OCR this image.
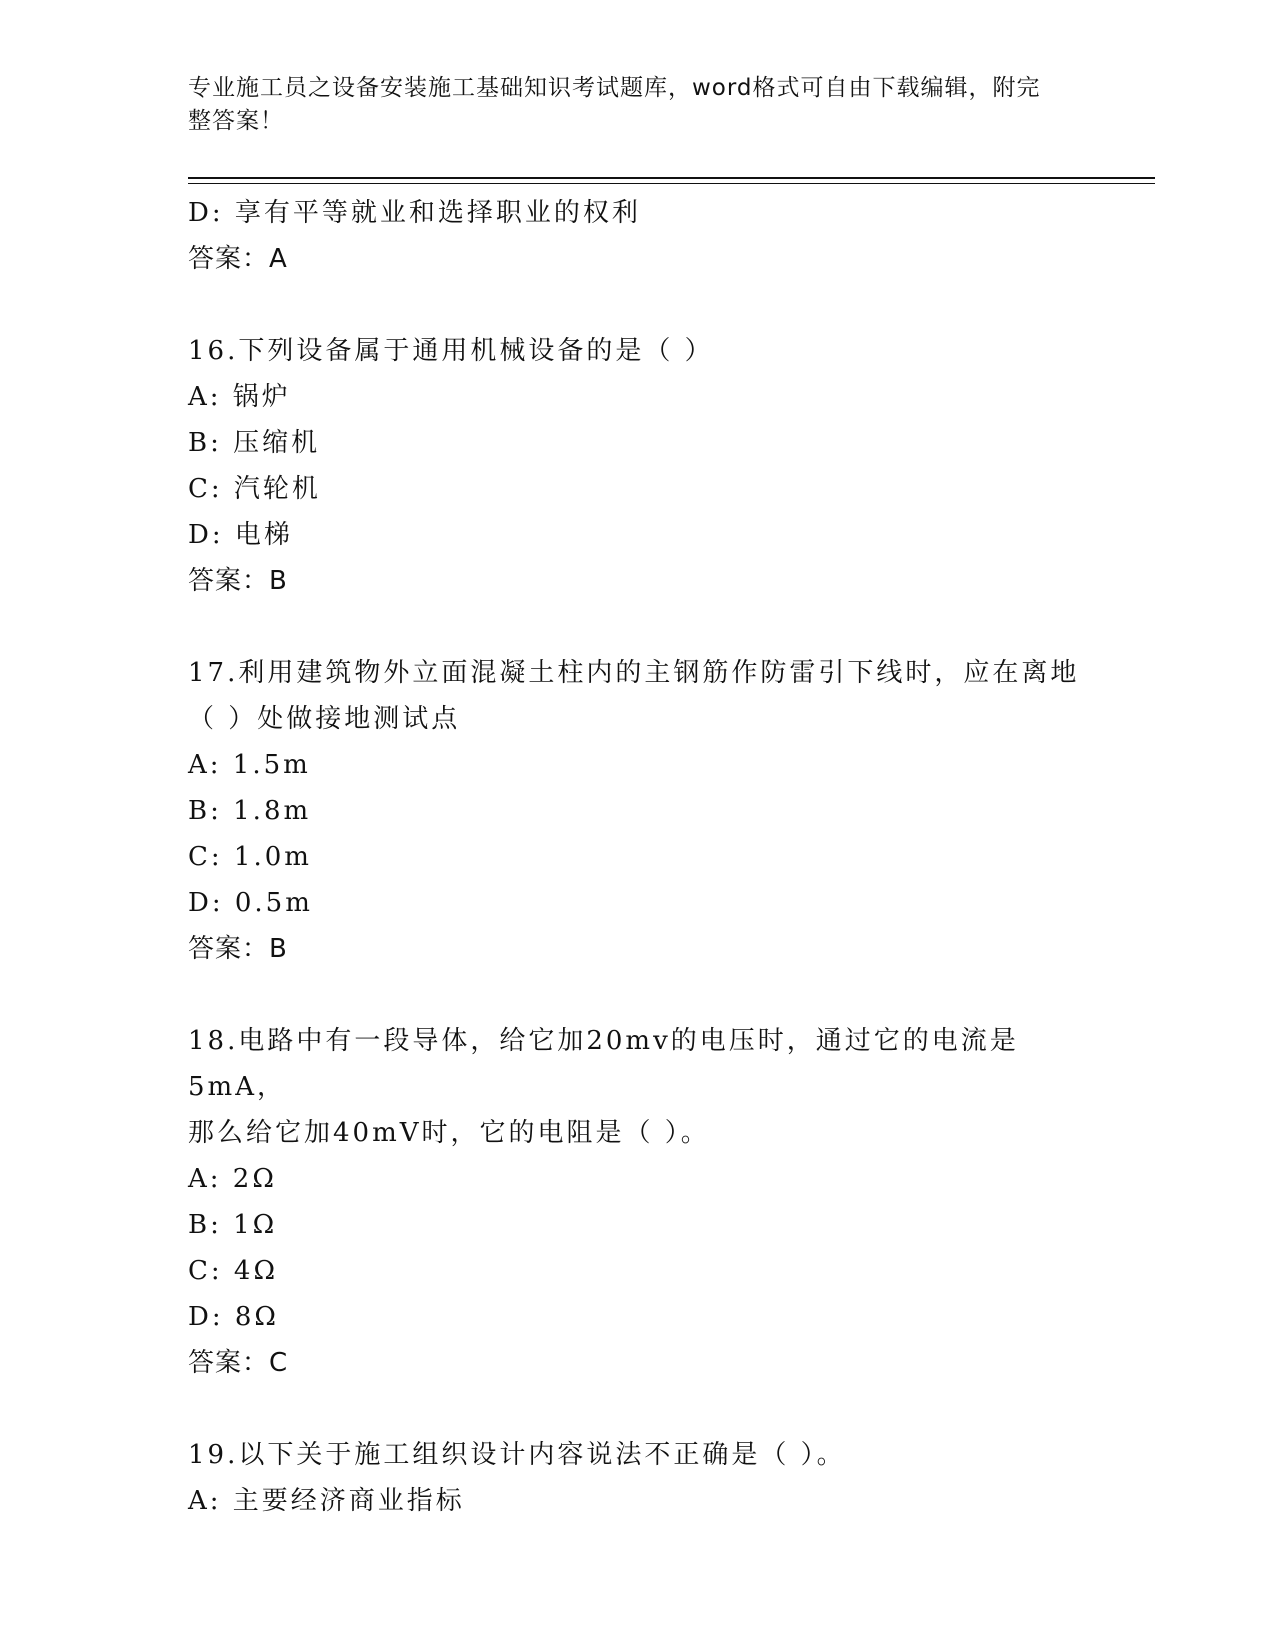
专业施工员之设备安装施工基础知识考试题库，word格式可自由下载编辑，附完
整答案！
D: 享有平等就业和选择职业的权利
答案：A
16.下列设备属于通用机械设备的是（ ）
A: 锅炉
B: 压缩机
C: 汽轮机
D: 电梯
答案：B
17.利用建筑物外立面混凝土柱内的主钢筋作防雷引下线时，应在离地
（ ）处做接地测试点
A: 1.5m
B: 1.8m
C: 1.0m
D: 0.5m
答案：B
18.电路中有一段导体，给它加20mv的电压时，通过它的电流是5mA，
那么给它加40mV时，它的电阻是（ ）。
A: 2Ω
B: 1Ω
C: 4Ω
D: 8Ω
答案：C
19.以下关于施工组织设计内容说法不正确是（ ）。
A: 主要经济商业指标
